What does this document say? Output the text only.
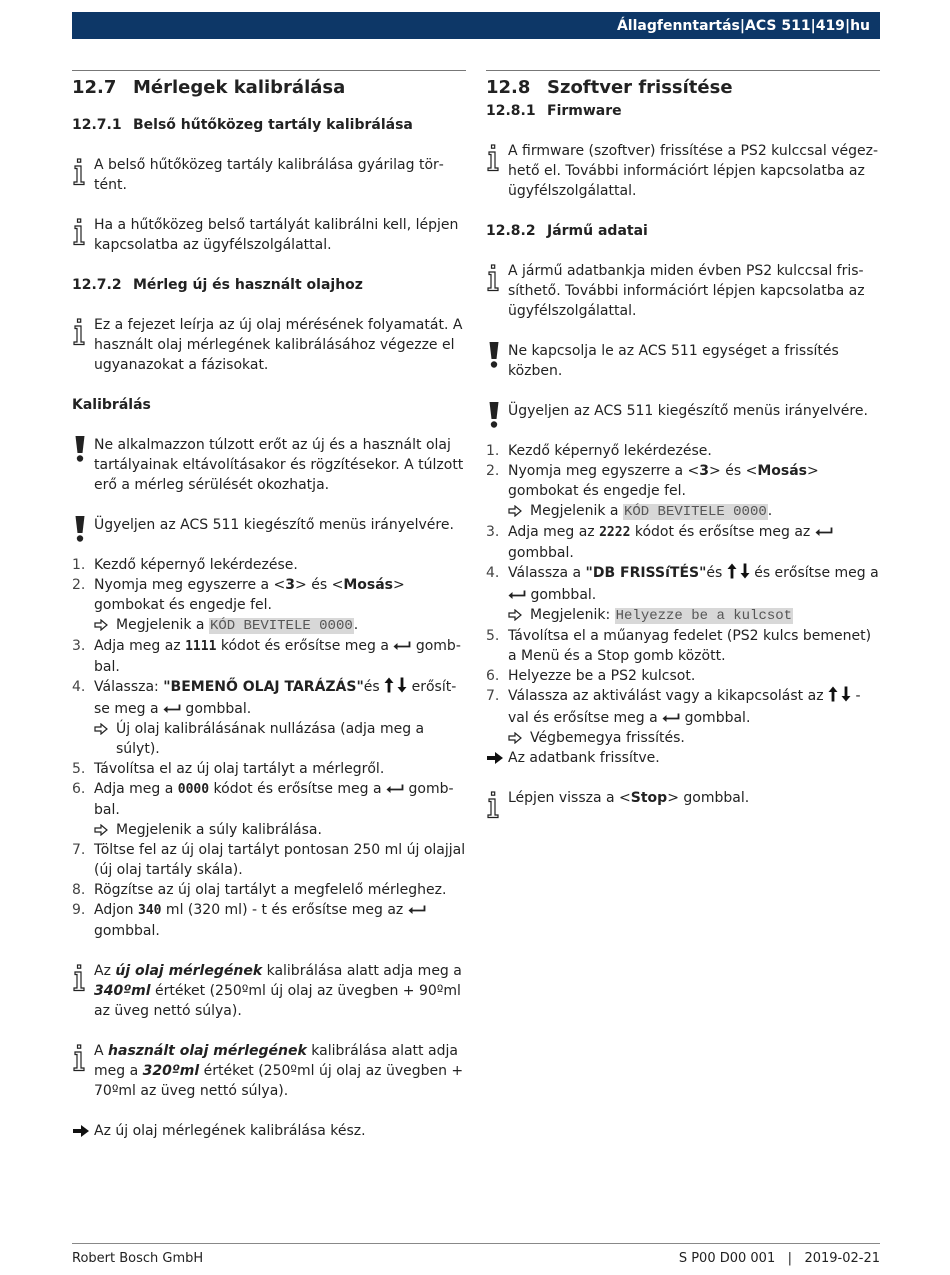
Állagfenntartás | ACS 511 | 419 | hu
12.7 Mérlegek kalibrálása
12.7.1 Belső hűtőközeg tartály kalibrálása
A belső hűtőközeg tartály kalibrálása gyárilag történt.
Ha a hűtőközeg belső tartályát kalibrálni kell, lépjen kapcsolatba az ügyfélszolgálattal.
12.7.2 Mérleg új és használt olajhoz
Ez a fejezet leírja az új olaj mérésének folyamatát. A használt olaj mérlegének kalibrálásához végezze el ugyanazokat a fázisokat.
Kalibrálás
Ne alkalmazzon túlzott erőt az új és a használt olaj tartályainak eltávolításakor és rögzítésekor. A túlzott erő a mérleg sérülését okozhatja.
Ügyeljen az ACS 511 kiegészítő menüs irányelvére.
1. Kezdő képernyő lekérdezése.
2. Nyomja meg egyszerre a <3> és <Mosás> gombokat és engedje fel.
Megjelenik a KÓD BEVITELE 0000.
3. Adja meg az 1111 kódot és erősítse meg a  gombbal.
4. Válassza: "BEMENŐ OLAJ TARÁZÁS"és  erősítse meg a  gombbal.
Új olaj kalibrálásának nullázása (adja meg a súlyt).
5. Távolítsa el az új olaj tartályt a mérlegről.
6. Adja meg a 0000 kódot és erősítse meg a  gombbal.
Megjelenik a súly kalibrálása.
7. Töltse fel az új olaj tartályt pontosan 250 ml új olajjal (új olaj tartály skála).
8. Rögzítse az új olaj tartályt a megfelelő mérleghez.
9. Adjon 340 ml (320 ml) - t és erősítse meg az  gombbal.
Az új olaj mérlegének kalibrálása alatt adja meg a 340ºml értéket (250ºml új olaj az üvegben + 90ºml az üveg nettó súlya).
A használt olaj mérlegének kalibrálása alatt adja meg a 320ºml értéket (250ºml új olaj az üvegben + 70ºml az üveg nettó súlya).
Az új olaj mérlegének kalibrálása kész.
12.8 Szoftver frissítése
12.8.1 Firmware
A firmware (szoftver) frissítése a PS2 kulccsal végezhető el. További információrt lépjen kapcsolatba az ügyfélszolgálattal.
12.8.2 Jármű adatai
A jármű adatbankja miden évben PS2 kulccsal frissíthető. További információrt lépjen kapcsolatba az ügyfélszolgálattal.
Ne kapcsolja le az ACS 511 egységet a frissítés közben.
Ügyeljen az ACS 511 kiegészítő menüs irányelvére.
1. Kezdő képernyő lekérdezése.
2. Nyomja meg egyszerre a <3> és <Mosás> gombokat és engedje fel.
Megjelenik a KÓD BEVITELE 0000.
3. Adja meg az 2222 kódot és erősítse meg az  gombbal.
4. Válassza a "DB FRISSíTÉS"és  és erősítse meg a  gombbal.
Megjelenik: Helyezze be a kulcsot
5. Távolítsa el a műanyag fedelet (PS2 kulcs bemenet) a Menü és a Stop gomb között.
6. Helyezze be a PS2 kulcsot.
7. Válassza az aktiválást vagy a kikapcsolást az  - val és erősítse meg a  gombbal.
Végbemegya frissítés.
Az adatbank frissítve.
Lépjen vissza a <Stop> gombbal.
Robert Bosch GmbH	S P00 D00 001 | 2019-02-21
